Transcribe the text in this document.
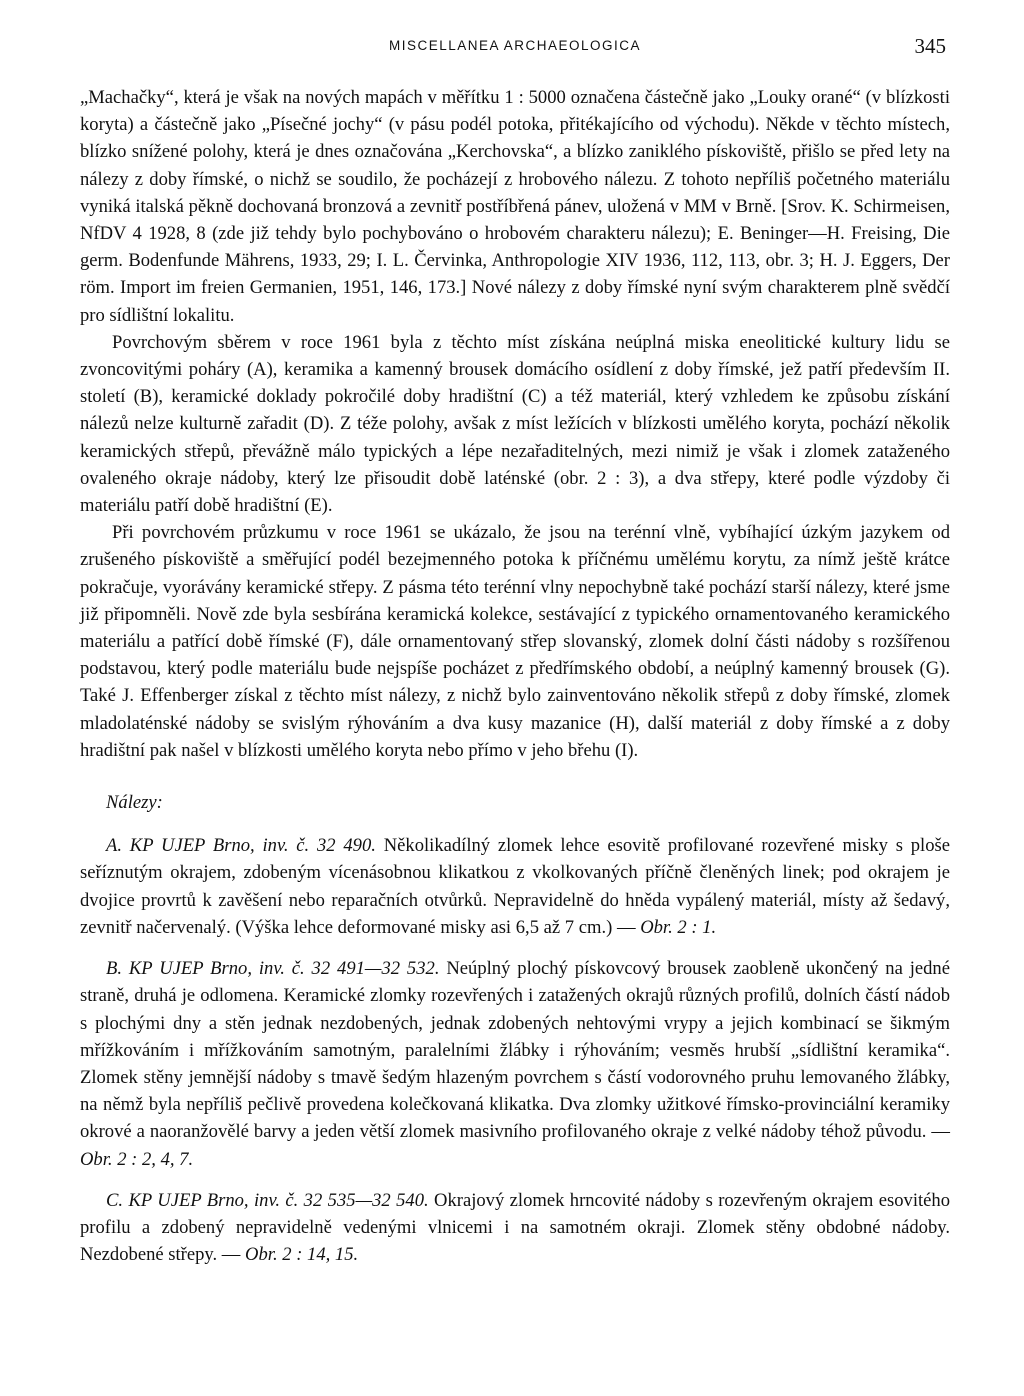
MISCELLANEA ARCHAEOLOGICA	345

„Machačky“, která je však na nových mapách v měřítku 1 : 5000 označena částečně jako „Louky orané“ (v blízkosti koryta) a částečně jako „Písečné jochy“ (v pásu podél potoka, přitékajícího od východu). Někde v těchto místech, blízko snížené polohy, která je dnes označována „Kerchovska“, a blízko zaniklého pískoviště, přišlo se před lety na nálezy z doby římské, o nichž se soudilo, že pocházejí z hrobového nálezu. Z tohoto nepříliš početného materiálu vyniká italská pěkně dochovaná bronzová a zevnitř postříbřená pánev, uložená v MM v Brně. [Srov. K. Schirmeisen, NfDV 4 1928, 8 (zde již tehdy bylo pochybováno o hrobovém charakteru nálezu); E. Beninger—H. Freising, Die germ. Bodenfunde Mährens, 1933, 29; I. L. Červinka, Anthropologie XIV 1936, 112, 113, obr. 3; H. J. Eggers, Der röm. Import im freien Germanien, 1951, 146, 173.] Nové nálezy z doby římské nyní svým charakterem plně svědčí pro sídlištní lokalitu.

Povrchovým sběrem v roce 1961 byla z těchto míst získána neúplná miska eneolitické kultury lidu se zvoncovitými poháry (A), keramika a kamenný brousek domácího osídlení z doby římské, jež patří především II. století (B), keramické doklady pokročilé doby hradištní (C) a též materiál, který vzhledem ke způsobu získání nálezů nelze kulturně zařadit (D). Z téže polohy, avšak z míst ležících v blízkosti umělého koryta, pochází několik keramických střepů, převážně málo typických a lépe nezařaditelných, mezi nimiž je však i zlomek zataženého ovaleného okraje nádoby, který lze přisoudit době laténské (obr. 2 : 3), a dva střepy, které podle výzdoby či materiálu patří době hradištní (E).

Při povrchovém průzkumu v roce 1961 se ukázalo, že jsou na terénní vlně, vybíhající úzkým jazykem od zrušeného pískoviště a směřující podél bezejmenného potoka k příčnému umělému korytu, za nímž ještě krátce pokračuje, vyorávány keramické střepy. Z pásma této terénní vlny nepochybně také pochází starší nálezy, které jsme již připomněli. Nově zde byla sesbírána keramická kolekce, sestávající z typického ornamentovaného keramického materiálu a patřící době římské (F), dále ornamentovaný střep slovanský, zlomek dolní části nádoby s rozšířenou podstavou, který podle materiálu bude nejspíše pocházet z předřímského období, a neúplný kamenný brousek (G). Také J. Effenberger získal z těchto míst nálezy, z nichž bylo zainventováno několik střepů z doby římské, zlomek mladolaténské nádoby se svislým rýhováním a dva kusy mazanice (H), další materiál z doby římské a z doby hradištní pak našel v blízkosti umělého koryta nebo přímo v jeho břehu (I).

Nálezy:

A. KP UJEP Brno, inv. č. 32 490. Několikadílný zlomek lehce esovitě profilované rozevřené misky s ploše seříznutým okrajem, zdobeným vícenásobnou klikatkou z vkolkovaných příčně členěných linek; pod okrajem je dvojice provrtů k zavěšení nebo reparačních otvůrků. Nepravidelně do hněda vypálený materiál, místy až šedavý, zevnitř načervenalý. (Výška lehce deformované misky asi 6,5 až 7 cm.) — Obr. 2 : 1.

B. KP UJEP Brno, inv. č. 32 491—32 532. Neúplný plochý pískovcový brousek zaobleně ukončený na jedné straně, druhá je odlomena. Keramické zlomky rozevřených i zatažených okrajů různých profilů, dolních částí nádob s plochými dny a stěn jednak nezdobených, jednak zdobených nehtovými vrypy a jejich kombinací se šikmým mřížkováním i mřížkováním samotným, paralelními žlábky i rýhováním; vesměs hrubší „sídlištní keramika“. Zlomek stěny jemnější nádoby s tmavě šedým hlazeným povrchem s částí vodorovného pruhu lemovaného žlábky, na němž byla nepříliš pečlivě provedena kolečkovaná klikatka. Dva zlomky užitkové římsko-provinciální keramiky okrové a naoranžovělé barvy a jeden větší zlomek masivního profilovaného okraje z velké nádoby téhož původu. — Obr. 2 : 2, 4, 7.

C. KP UJEP Brno, inv. č. 32 535—32 540. Okrajový zlomek hrncovité nádoby s rozevřeným okrajem esovitého profilu a zdobený nepravidelně vedenými vlnicemi i na samotném okraji. Zlomek stěny obdobné nádoby. Nezdobené střepy. — Obr. 2 : 14, 15.
